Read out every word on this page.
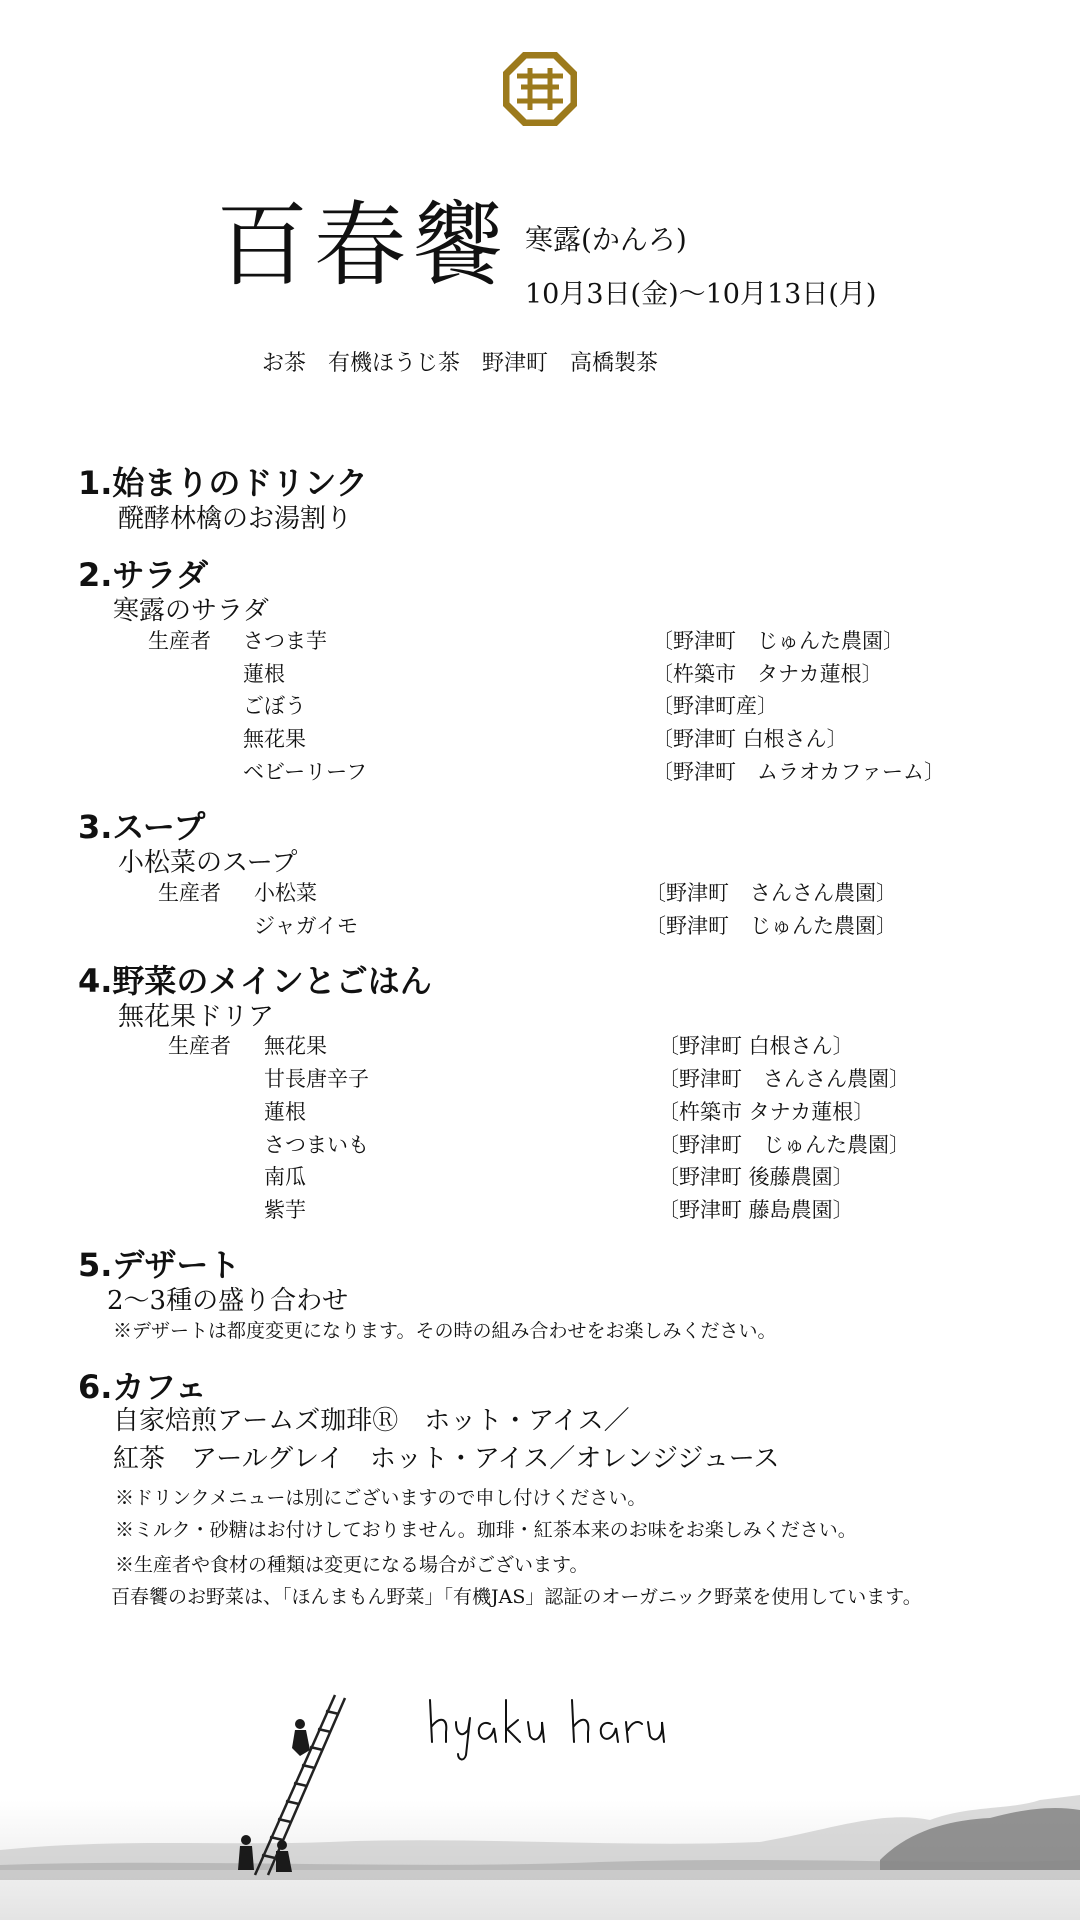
百春饗 寒露(かんろ)
10月3日(金)〜10月13日(月)
お茶　有機ほうじ茶　野津町　高橋製茶
1.始まりのドリンク
醗酵林檎のお湯割り
2.サラダ
寒露のサラダ
生産者 さつま芋	〔野津町　じゅんた農園〕
蓮根	〔杵築市　タナカ蓮根〕
ごぼう	〔野津町産〕
無花果	〔野津町 白根さん〕
ベビーリーフ	〔野津町　ムラオカファーム〕
3.スープ
小松菜のスープ
生産者 小松菜	〔野津町　さんさん農園〕
ジャガイモ	〔野津町　じゅんた農園〕
4.野菜のメインとごはん
無花果ドリア
生産者 無花果	〔野津町 白根さん〕
甘長唐辛子	〔野津町　さんさん農園〕
蓮根	〔杵築市 タナカ蓮根〕
さつまいも	〔野津町　じゅんた農園〕
南瓜	〔野津町 後藤農園〕
紫芋	〔野津町 藤島農園〕
5.デザート
2〜3種の盛り合わせ
※デザートは都度変更になります。その時の組み合わせをお楽しみください。
6.カフェ
自家焙煎アームズ珈琲Ⓡ　ホット・アイス／
紅茶　アールグレイ　ホット・アイス／オレンジジュース
※ドリンクメニューは別にございますので申し付けください。
※ミルク・砂糖はお付けしておりません。珈琲・紅茶本来のお味をお楽しみください。
※生産者や食材の種類は変更になる場合がございます。
百春饗のお野菜は、「ほんまもん野菜」「有機JAS」認証のオーガニック野菜を使用しています。
